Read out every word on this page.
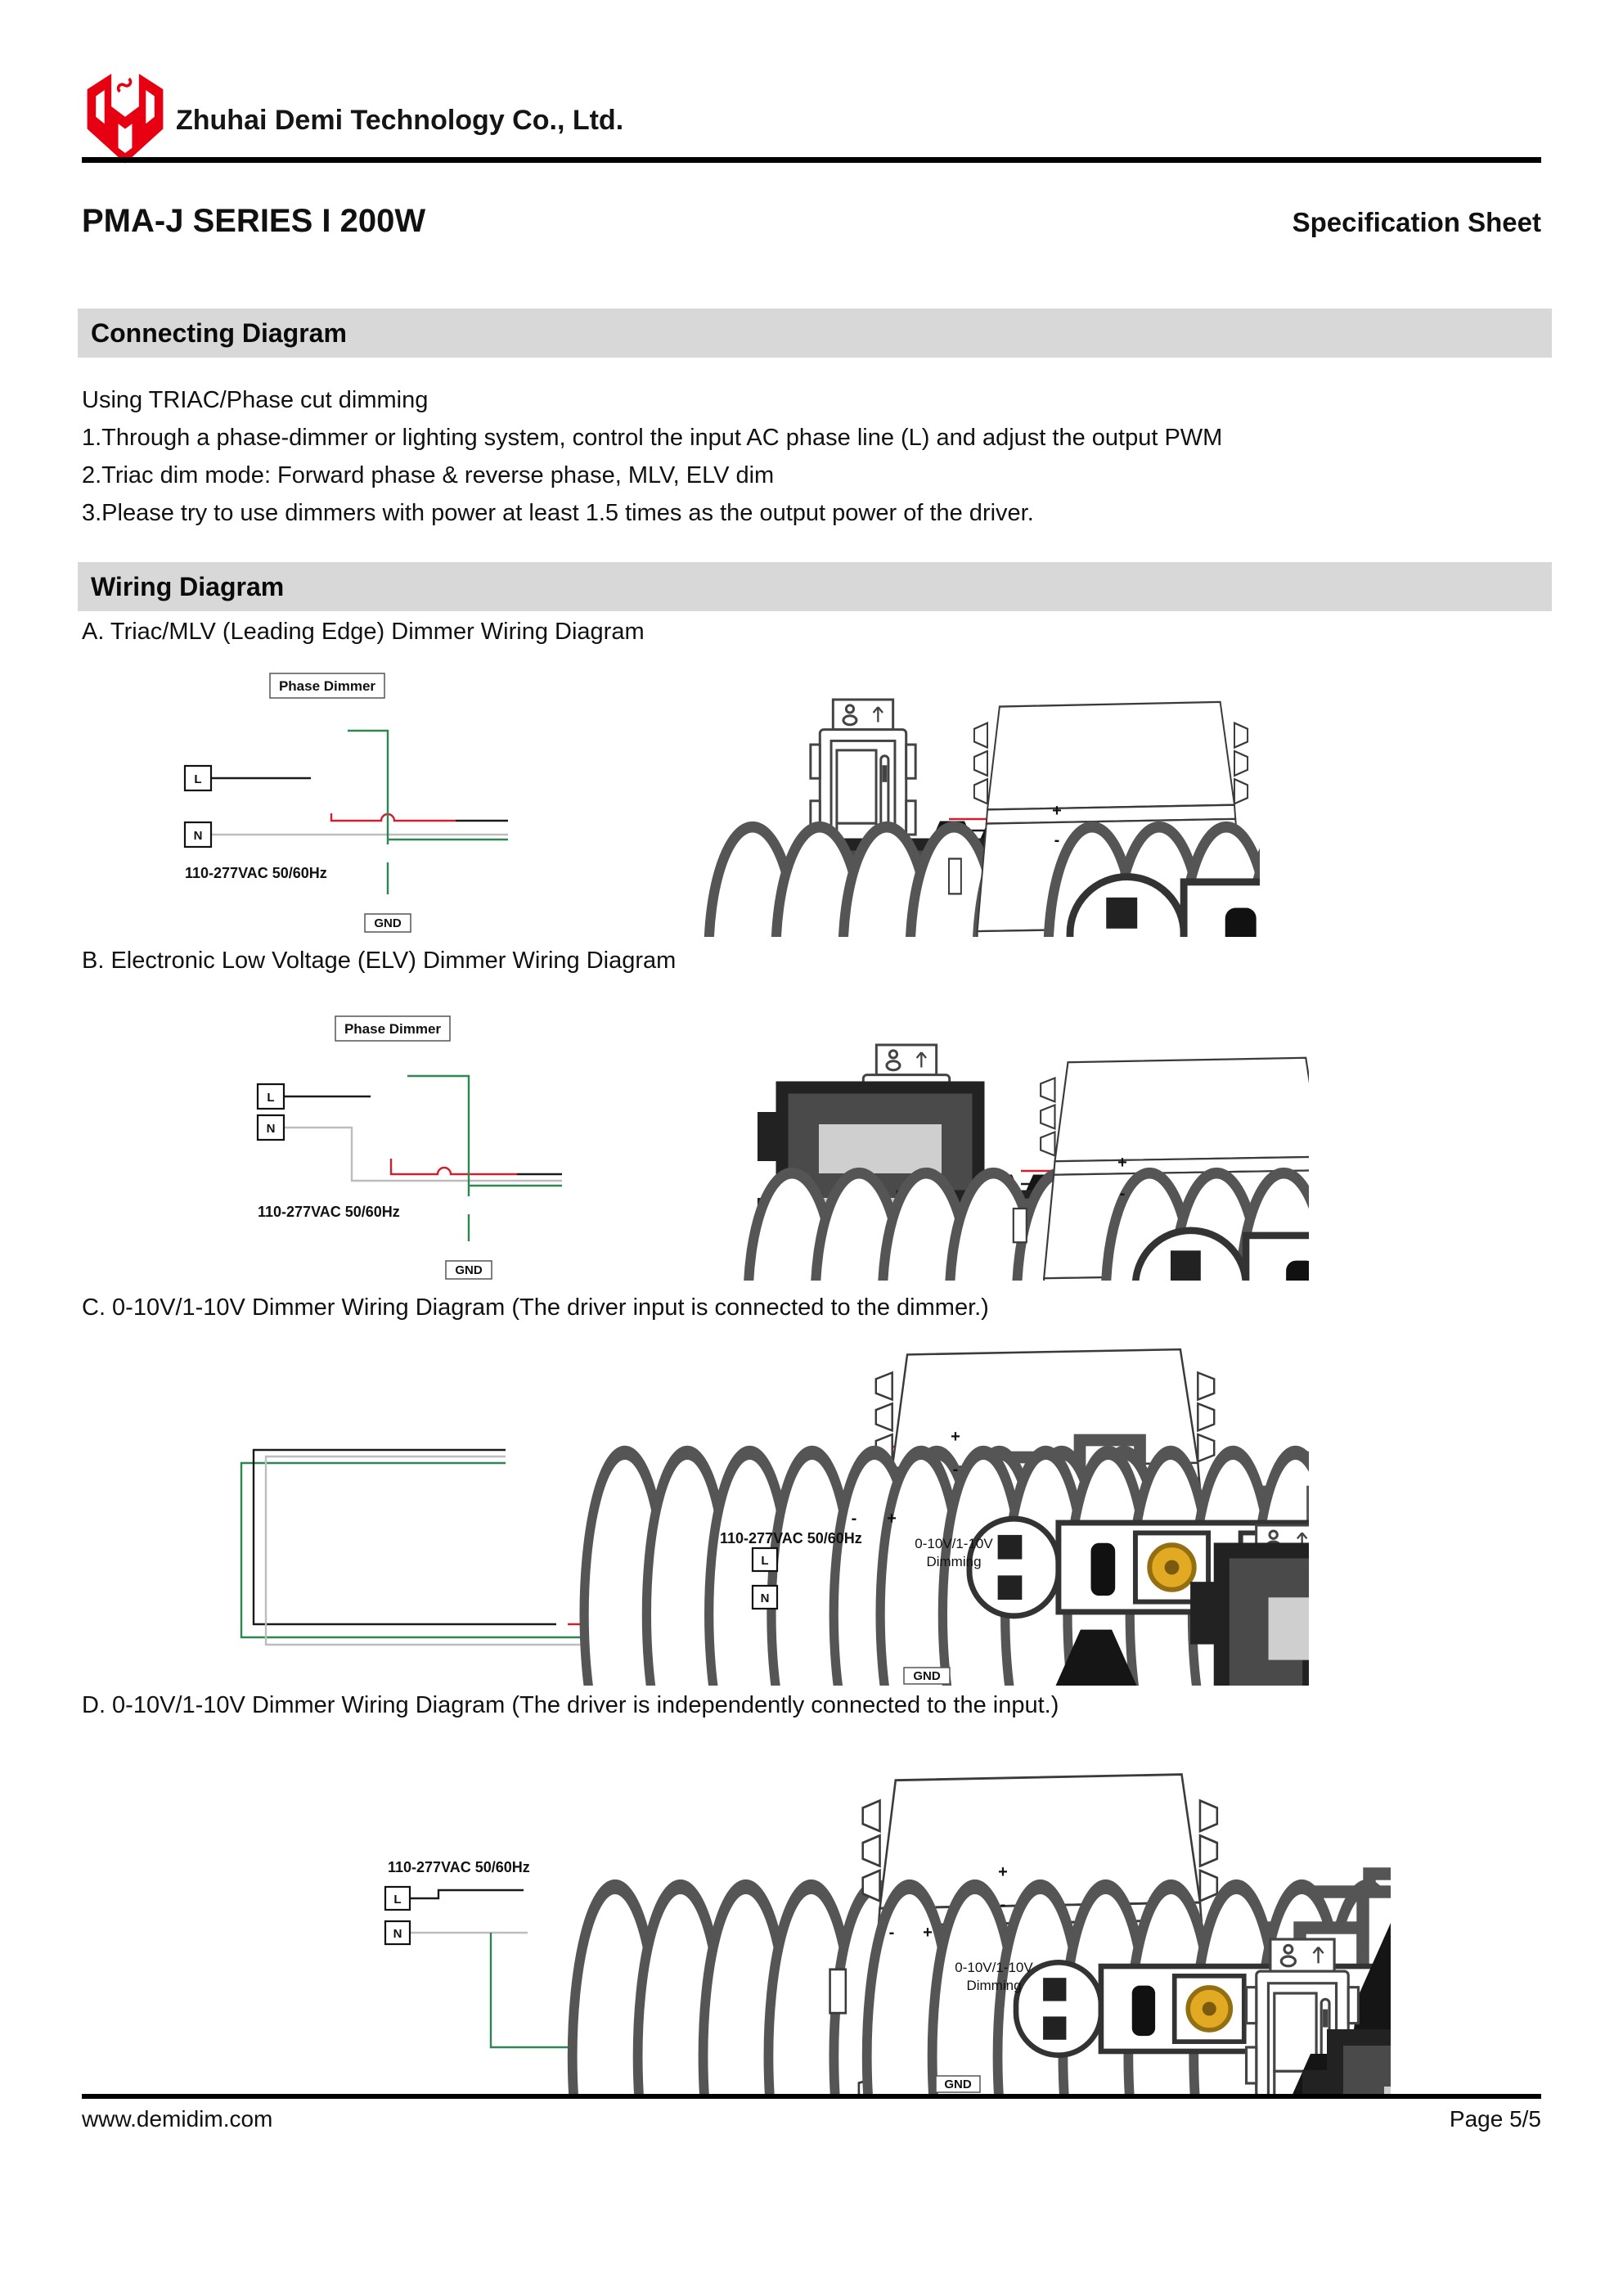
Zhuhai Demi Technology Co., Ltd.
PMA-J SERIES I 200W	Specification Sheet
Connecting Diagram
Using TRIAC/Phase cut dimming
1.Through a phase-dimmer or lighting system, control the input AC phase line (L) and adjust the output PWM
2.Triac dim mode: Forward phase & reverse phase, MLV, ELV dim
3.Please try to use dimmers with power at least 1.5 times as the output power of the driver.
Wiring Diagram
A. Triac/MLV (Leading Edge) Dimmer Wiring Diagram
B. Electronic Low Voltage (ELV) Dimmer Wiring Diagram
C. 0-10V/1-10V Dimmer Wiring Diagram (The driver input is connected to the dimmer.)
D. 0-10V/1-10V Dimmer Wiring Diagram (The driver is independently connected to the input.)
Phase Dimmer
L
N
GND
110-277VAC 50/60Hz
+
-
Phase Dimmer
L
N
GND
110-277VAC 50/60Hz
+
-
+
-
- +
0-10V/1-10V
Dimming
110-277VAC 50/60Hz
L
N
GND
110-277VAC 50/60Hz
L
N
+
-
- +
0-10V/1-10V
Dimming
GND
www.demidim.com	Page 5/5
